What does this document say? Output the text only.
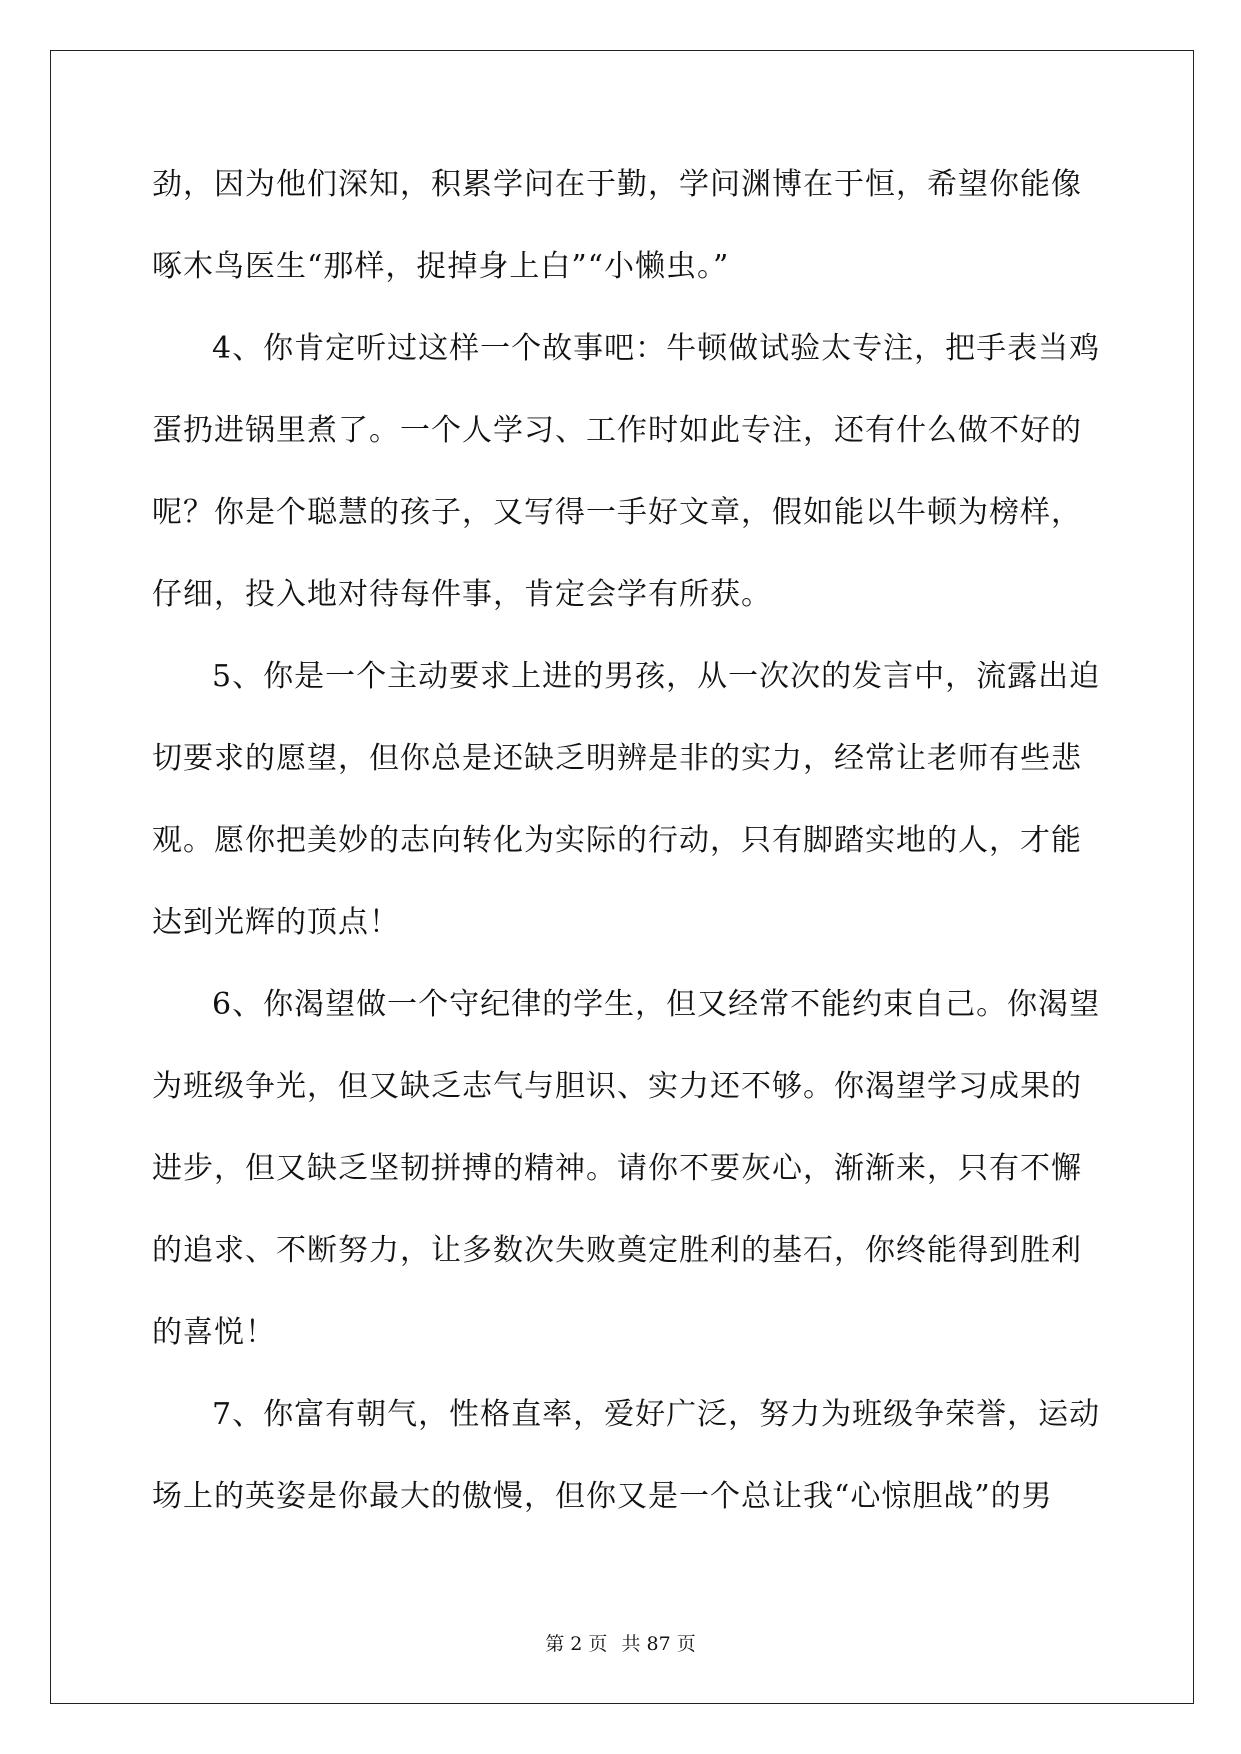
劲，因为他们深知，积累学问在于勤，学问渊博在于恒，希望你能像
啄木鸟医生“那样，捉掉身上白”“小懒虫。”
4、你肯定听过这样一个故事吧：牛顿做试验太专注，把手表当鸡
蛋扔进锅里煮了。一个人学习、工作时如此专注，还有什么做不好的
呢？你是个聪慧的孩子，又写得一手好文章，假如能以牛顿为榜样，
仔细，投入地对待每件事，肯定会学有所获。
5、你是一个主动要求上进的男孩，从一次次的发言中，流露出迫
切要求的愿望，但你总是还缺乏明辨是非的实力，经常让老师有些悲
观。愿你把美妙的志向转化为实际的行动，只有脚踏实地的人，才能
达到光辉的顶点！
6、你渴望做一个守纪律的学生，但又经常不能约束自己。你渴望
为班级争光，但又缺乏志气与胆识、实力还不够。你渴望学习成果的
进步，但又缺乏坚韧拼搏的精神。请你不要灰心，渐渐来，只有不懈
的追求、不断努力，让多数次失败奠定胜利的基石，你终能得到胜利
的喜悦！
7、你富有朝气，性格直率，爱好广泛，努力为班级争荣誉，运动
场上的英姿是你最大的傲慢，但你又是一个总让我“心惊胆战”的男
第 2 页 共 87 页
